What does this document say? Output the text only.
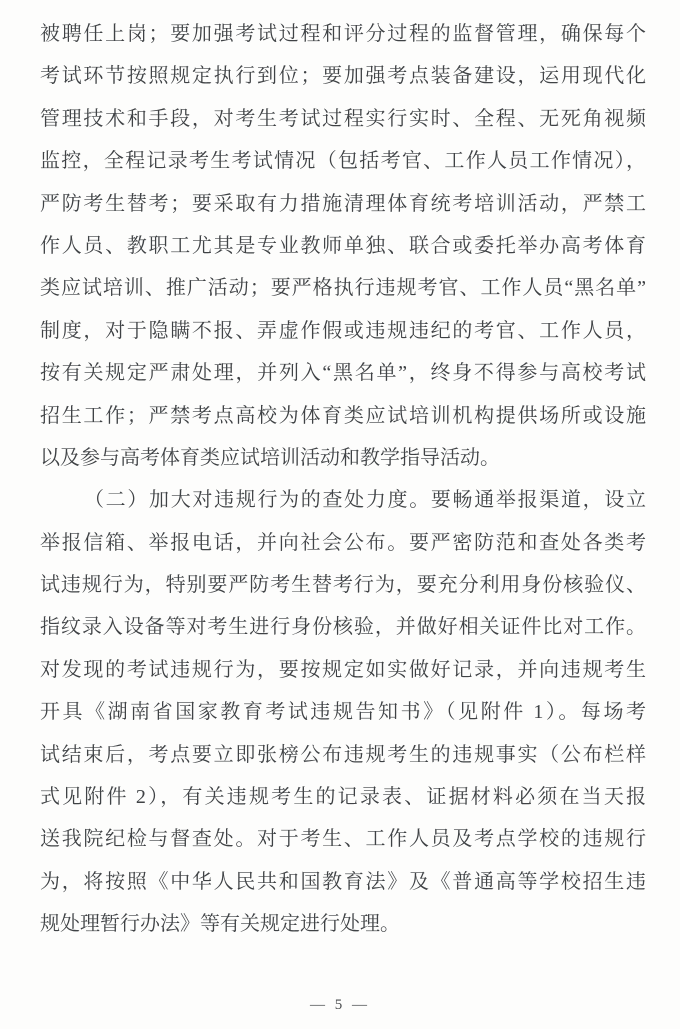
被聘任上岗；要加强考试过程和评分过程的监督管理，确保每个
考试环节按照规定执行到位；要加强考点装备建设，运用现代化
管理技术和手段，对考生考试过程实行实时、全程、无死角视频
监控，全程记录考生考试情况（包括考官、工作人员工作情况），
严防考生替考；要采取有力措施清理体育统考培训活动，严禁工
作人员、教职工尤其是专业教师单独、联合或委托举办高考体育
类应试培训、推广活动；要严格执行违规考官、工作人员“黑名单”
制度，对于隐瞒不报、弄虚作假或违规违纪的考官、工作人员，
按有关规定严肃处理，并列入“黑名单”，终身不得参与高校考试
招生工作；严禁考点高校为体育类应试培训机构提供场所或设施
以及参与高考体育类应试培训活动和教学指导活动。
（二）加大对违规行为的查处力度。要畅通举报渠道，设立
举报信箱、举报电话，并向社会公布。要严密防范和查处各类考
试违规行为，特别要严防考生替考行为，要充分利用身份核验仪、
指纹录入设备等对考生进行身份核验，并做好相关证件比对工作。
对发现的考试违规行为，要按规定如实做好记录，并向违规考生
开具《湖南省国家教育考试违规告知书》（见附件 1）。每场考
试结束后，考点要立即张榜公布违规考生的违规事实（公布栏样
式见附件 2），有关违规考生的记录表、证据材料必须在当天报
送我院纪检与督查处。对于考生、工作人员及考点学校的违规行
为，将按照《中华人民共和国教育法》及《普通高等学校招生违
规处理暂行办法》等有关规定进行处理。
— 5 —
